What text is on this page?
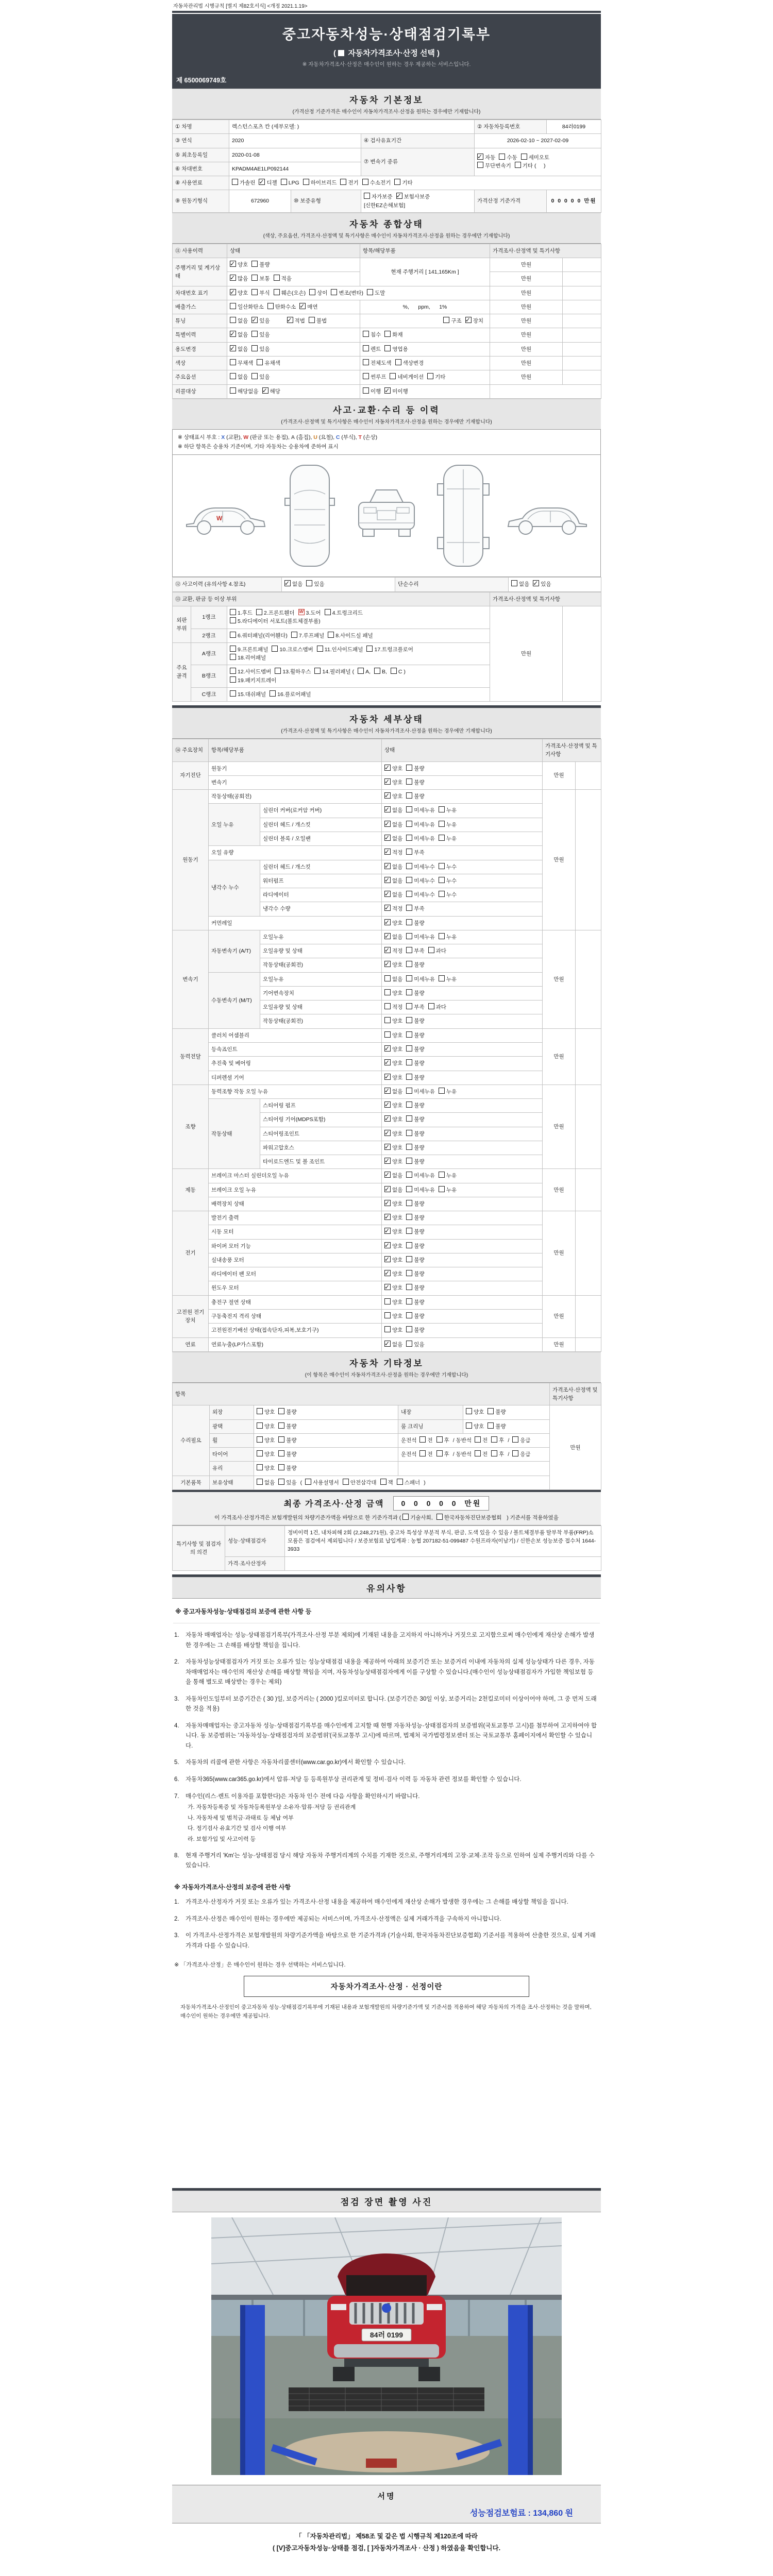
자동차관리법 시행규칙 [별지 제82호서식] <개정 2021.1.19>
중고자동차성능·상태점검기록부
( 자동차가격조사·산정 선택 )
※ 자동차가격조사·산정은 매수인이 원하는 경우 제공하는 서비스입니다.
제 6500069749호
자동차 기본정보
(가격산정 기준가격은 매수인이 자동차가격조사·산정을 원하는 경우에만 기재합니다)
① 차명	렉스턴스포츠 칸 (세부모델: )			② 자동차등록번호	84러0199
③ 연식	2020		④ 검사유효기간	2026-02-10 ~ 2027-02-09	
⑤ 최초등록일	2020-01-08		⑦ 변속기 종류	✓자동 수동 세미오토
무단변속기 기타 (     )
⑥ 차대번호	KPADM4AE1LP092144				
⑧ 사용연료	가솔린 ✓ 디젤 LPG 하이브리드 전기 수소전기 기타
⑨ 원동기형식	672960	⑩ 보증유형	자가보증 ✓ 보험사보증[신한EZ손해보험]	가격산정 기준가격	0 0 0 0 0 만원
자동차 종합상태
(색상, 주요옵션, 가격조사·산정액 및 특기사항은 매수인이 자동차가격조사·산정을 원하는 경우에만 기재합니다)
⑪ 사용이력	상태	항목/해당부품	가격조사·산정액 및 특기사항	
주행거리 및 계기상태	✓양호 불량	현재 주행거리 [ 141,165Km ]	만원	
✓많음 보통 적음		만원	
차대번호 표기	✓양호 부식 훼손(오손) 상이 변조(변타) 도말		만원	
배출가스	일산화탄소 탄화수소 ✓ 매연	%,      ppm,      1%	만원	
튜닝	없음 ✓ 있음 ✓ 적법 불법	구조 ✓ 장치	만원	
특별이력	✓없음 있음	침수 화재	만원	
용도변경	✓없음 있음	렌트 영업용	만원	
색상	무채색 유채색	전체도색 색상변경	만원	
주요옵션	없음 있음	썬루프 네비게이션 기타	만원	
리콜대상	해당없음 ✓ 해당	이행 ✓ 미이행	
사고·교환·수리 등 이력
(가격조사·산정액 및 특기사항은 매수인이 자동차가격조사·산정을 원하는 경우에만 기재합니다)
※ 상태표시 부호 : X (교환), W (판금 또는 용접), A (흠집), U (요철), C (부식), T (손상)
※ 하단 항목은 승용차 기준이며, 기타 자동차는 승용차에 준하여 표시
W
⑫ 사고이력 (유의사항 4.참조)	✓없음 있음	단순수리	없음 ✓ 있음
⑬ 교환, 판금 등 이상 부위			가격조사·산정액 및 특기사항	
외판부위	1랭크	1.후드 2.프론트휀더 W 3.도어 4.트렁크리드
5.라디에이터 서포트(볼트체결부품)	만원	
	2랭크	6.쿼터패널(리어휀다) 7.루프패널 8.사이드실 패널		
주요골격	A랭크	9.프론트패널 10.크로스멤버 11.인사이드패널 17.트렁크플로어
18.리어패널		
	B랭크	12.사이드멤버 13.휠하우스 14.필러패널 ( A, B, C )
19.패키지트레이		
	C랭크	15.대쉬패널 16.플로어패널		
자동차 세부상태
(가격조사·산정액 및 특기사항은 매수인이 자동차가격조사·산정을 원하는 경우에만 기재합니다)
⑭ 주요장치	항목/해당부품		상태	가격조사·산정액 및 특기사항	
자기진단	원동기	✓양호 불량	만원	
	변속기	✓양호 불량
원동기	작동상태(공회전)	✓양호 불량	만원	
	오일 누유	실린더 커버(로커암 커버)	✓없음 미세누유 누유
		실린더 헤드 / 개스킷	✓없음 미세누유 누유
		실린더 블록 / 오일팬	✓없음 미세누유 누유
	오일 유량	✓적정 부족
	냉각수 누수	실린더 헤드 / 개스킷	✓없음 미세누수 누수
		워터펌프	✓없음 미세누수 누수
		라디에이터	✓없음 미세누수 누수
		냉각수 수량	✓적정 부족
	커먼레일	✓양호 불량
변속기	자동변속기 (A/T)	오일누유	✓없음 미세누유 누유	만원	
		오일유량 및 상태	✓적정 부족 과다
		작동상태(공회전)	✓양호 불량
	수동변속기 (M/T)	오일누유	없음 미세누유 누유		
		기어변속장치	양호 불량		
		오일유량 및 상태	적정 부족 과다		
		작동상태(공회전)	양호 불량		
동력전달	클러치 어셈블리		양호 불량	만원	
	등속죠인트	✓양호 불량
	추진축 및 베어링	✓양호 불량
	디퍼렌셜 기어	✓양호 불량
조향	동력조향 작동 오일 누유	✓없음 미세누유 누유	만원	
	작동상태	스티어링 펌프	✓양호 불량
		스티어링 기어(MDPS포함)	✓양호 불량
		스티어링조인트	✓양호 불량
		파워고압호스	✓양호 불량
		타이로드엔드 및 볼 조인트	✓양호 불량
제동	브레이크 마스터 실린더오일 누유	✓없음 미세누유 누유	만원	
	브레이크 오일 누유	✓없음 미세누유 누유
	배력장치 상태	✓양호 불량
전기	발전기 출력	✓양호 불량	만원	
	시동 모터	✓양호 불량
	와이퍼 모터 기능	✓양호 불량
	실내송풍 모터	✓양호 불량
	라디에이터 팬 모터	✓양호 불량
	윈도우 모터	✓양호 불량
고전원 전기장치	충전구 절연 상태		양호 불량	만원	
	구동축전지 격리 상태		양호 불량		
	고전원전기배선 상태(접속단자,피복,보호기구)		양호 불량		
연료	연료누출(LP가스포함)	✓없음 있음	만원	
자동차 기타정보
(이 항목은 매수인이 자동차가격조사·산정을 원하는 경우에만 기재합니다)
항목					가격조사·산정액 및 특기사항
수리필요	외장	양호 불량	내장	양호 불량	만원
	광택	양호 불량	룸 크리닝	양호 불량	
	휠	양호 불량	운전석 전 후 / 동반석 전 후 / 응급		
	타이어	양호 불량	운전석 전 후 / 동반석 전 후 / 응급		
	유리	양호 불량			
기본품목	보유상태	없음 있음 ( 사용설명서 안전삼각대 잭 스패너 )			
최종 가격조사·산정 금액	0  0  0  0  0  만원
이 가격조사·산정가격은 보험개발원의 차량기준가액을 바탕으로 한 기준가격과 ( 기술사회, 한국자동차진단보증협회 ) 기준서를 적용하였음
특기사항 및 점검자의 의견	성능·상태점검자	정비이력 1건, 내차피해 2회 (2,248,271원), 중고차 특성상 부분적 부식, 판금, 도색 있을 수 있음 / 볼트체결부품 탈부착 부품(FRP)소모품은 점검에서 제외됩니다 / 보증보험료 납입계좌 : 농협 207182-51-099487 수원프라자(이남기) / 신한손보 성능보증 접수처 1644-3933
	가격·조사산정자	
유의사항
※ 중고자동차성능·상태점검의 보증에 관한 사항 등
1.	자동차 매매업자는 성능·상태점검기록부(가격조사·산정 부분 제외)에 기재된 내용을 고지하지 아니하거나 거짓으로 고지함으로써 매수인에게 재산상 손해가 발생한 경우에는 그 손해를 배상할 책임을 집니다.
2.	자동차성능상태점검자가 거짓 또는 오류가 있는 성능상태점검 내용을 제공하여 아래의 보증기간 또는 보증거리 이내에 자동차의 실제 성능상태가 다른 경우, 자동차매매업자는 매수인의 재산상 손해를 배상할 책임을 지며, 자동차성능상태점검자에게 이를 구상할 수 있습니다.(매수인이 성능상태점검자가 가입한 책임보험 등을 통해 별도로 배상받는 경우는 제외)
3.	자동차인도일부터 보증기간은 ( 30 )일, 보증거리는 ( 2000 )킬로미터로 합니다. (보증기간은 30일 이상, 보증거리는 2천킬로미터 이상이어야 하며, 그 중 먼저 도래한 것을 적용)
4.	자동차매매업자는 중고자동차 성능·상태점검기록부를 매수인에게 고지할 때 현행 자동차성능·상태점검자의 보증범위(국토교통부 고시)를 첨부하여 고지하여야 합니다. 동 보증범위는 '자동차성능·상태점검자의 보증범위'(국토교통부 고시)에 따르며, 법제처 국가법령정보센터 또는 국토교통부 홈페이지에서 확인할 수 있습니다.
5.	자동차의 리콜에 관한 사항은 자동차리콜센터(www.car.go.kr)에서 확인할 수 있습니다.
6.	자동차365(www.car365.go.kr)에서 압류·저당 등 등록원부상 권리관계 및 정비·검사 이력 등 자동차 관련 정보를 확인할 수 있습니다.
7.	매수인(리스·렌트 이용자를 포함한다)은 자동차 인수 전에 다음 사항을 확인하시기 바랍니다.
가. 자동차등록증 및 자동차등록원부상 소유자·압류·저당 등 권리관계
나. 자동차세 및 범칙금·과태료 등 체납 여부
다. 정기검사 유효기간 및 검사 이행 여부
라. 보험가입 및 사고이력 등
8.	현재 주행거리 'Km'는 성능·상태점검 당시 해당 자동차 주행거리계의 수치를 기재한 것으로, 주행거리계의 고장·교체·조작 등으로 인하여 실제 주행거리와 다를 수 있습니다.
※ 자동차가격조사·산정의 보증에 관한 사항
1.	가격조사·산정자가 거짓 또는 오류가 있는 가격조사·산정 내용을 제공하여 매수인에게 재산상 손해가 발생한 경우에는 그 손해를 배상할 책임을 집니다.
2.	가격조사·산정은 매수인이 원하는 경우에만 제공되는 서비스이며, 가격조사·산정액은 실제 거래가격을 구속하지 아니합니다.
3.	이 가격조사·산정가격은 보험개발원의 차량기준가액을 바탕으로 한 기준가격과 (기술사회, 한국자동차진단보증협회) 기준서를 적용하여 산출한 것으로, 실제 거래가격과 다를 수 있습니다.
※ 「가격조사·산정」은 매수인이 원하는 경우 선택하는 서비스입니다.
자동차가격조사·산정 · 선정이란
자동차가격조사·산정인이 중고자동차 성능·상태점검기록부에 기재된 내용과 보험개발원의 차량기준가액 및 기준서를 적용하여 해당 자동차의 가격을 조사·산정하는 것을 말하며, 매수인이 원하는 경우에만 제공됩니다.
점검 장면 촬영 사진
84러 0199
서명
성능점검보험료 : 134,860 원
「 「자동차관리법」 제58조 및 같은 법 시행규칙 제120조에 따라
( [V]중고자동차성능·상태를 점검, [ ]자동차가격조사 · 산정 ) 하였음을 확인합니다.
